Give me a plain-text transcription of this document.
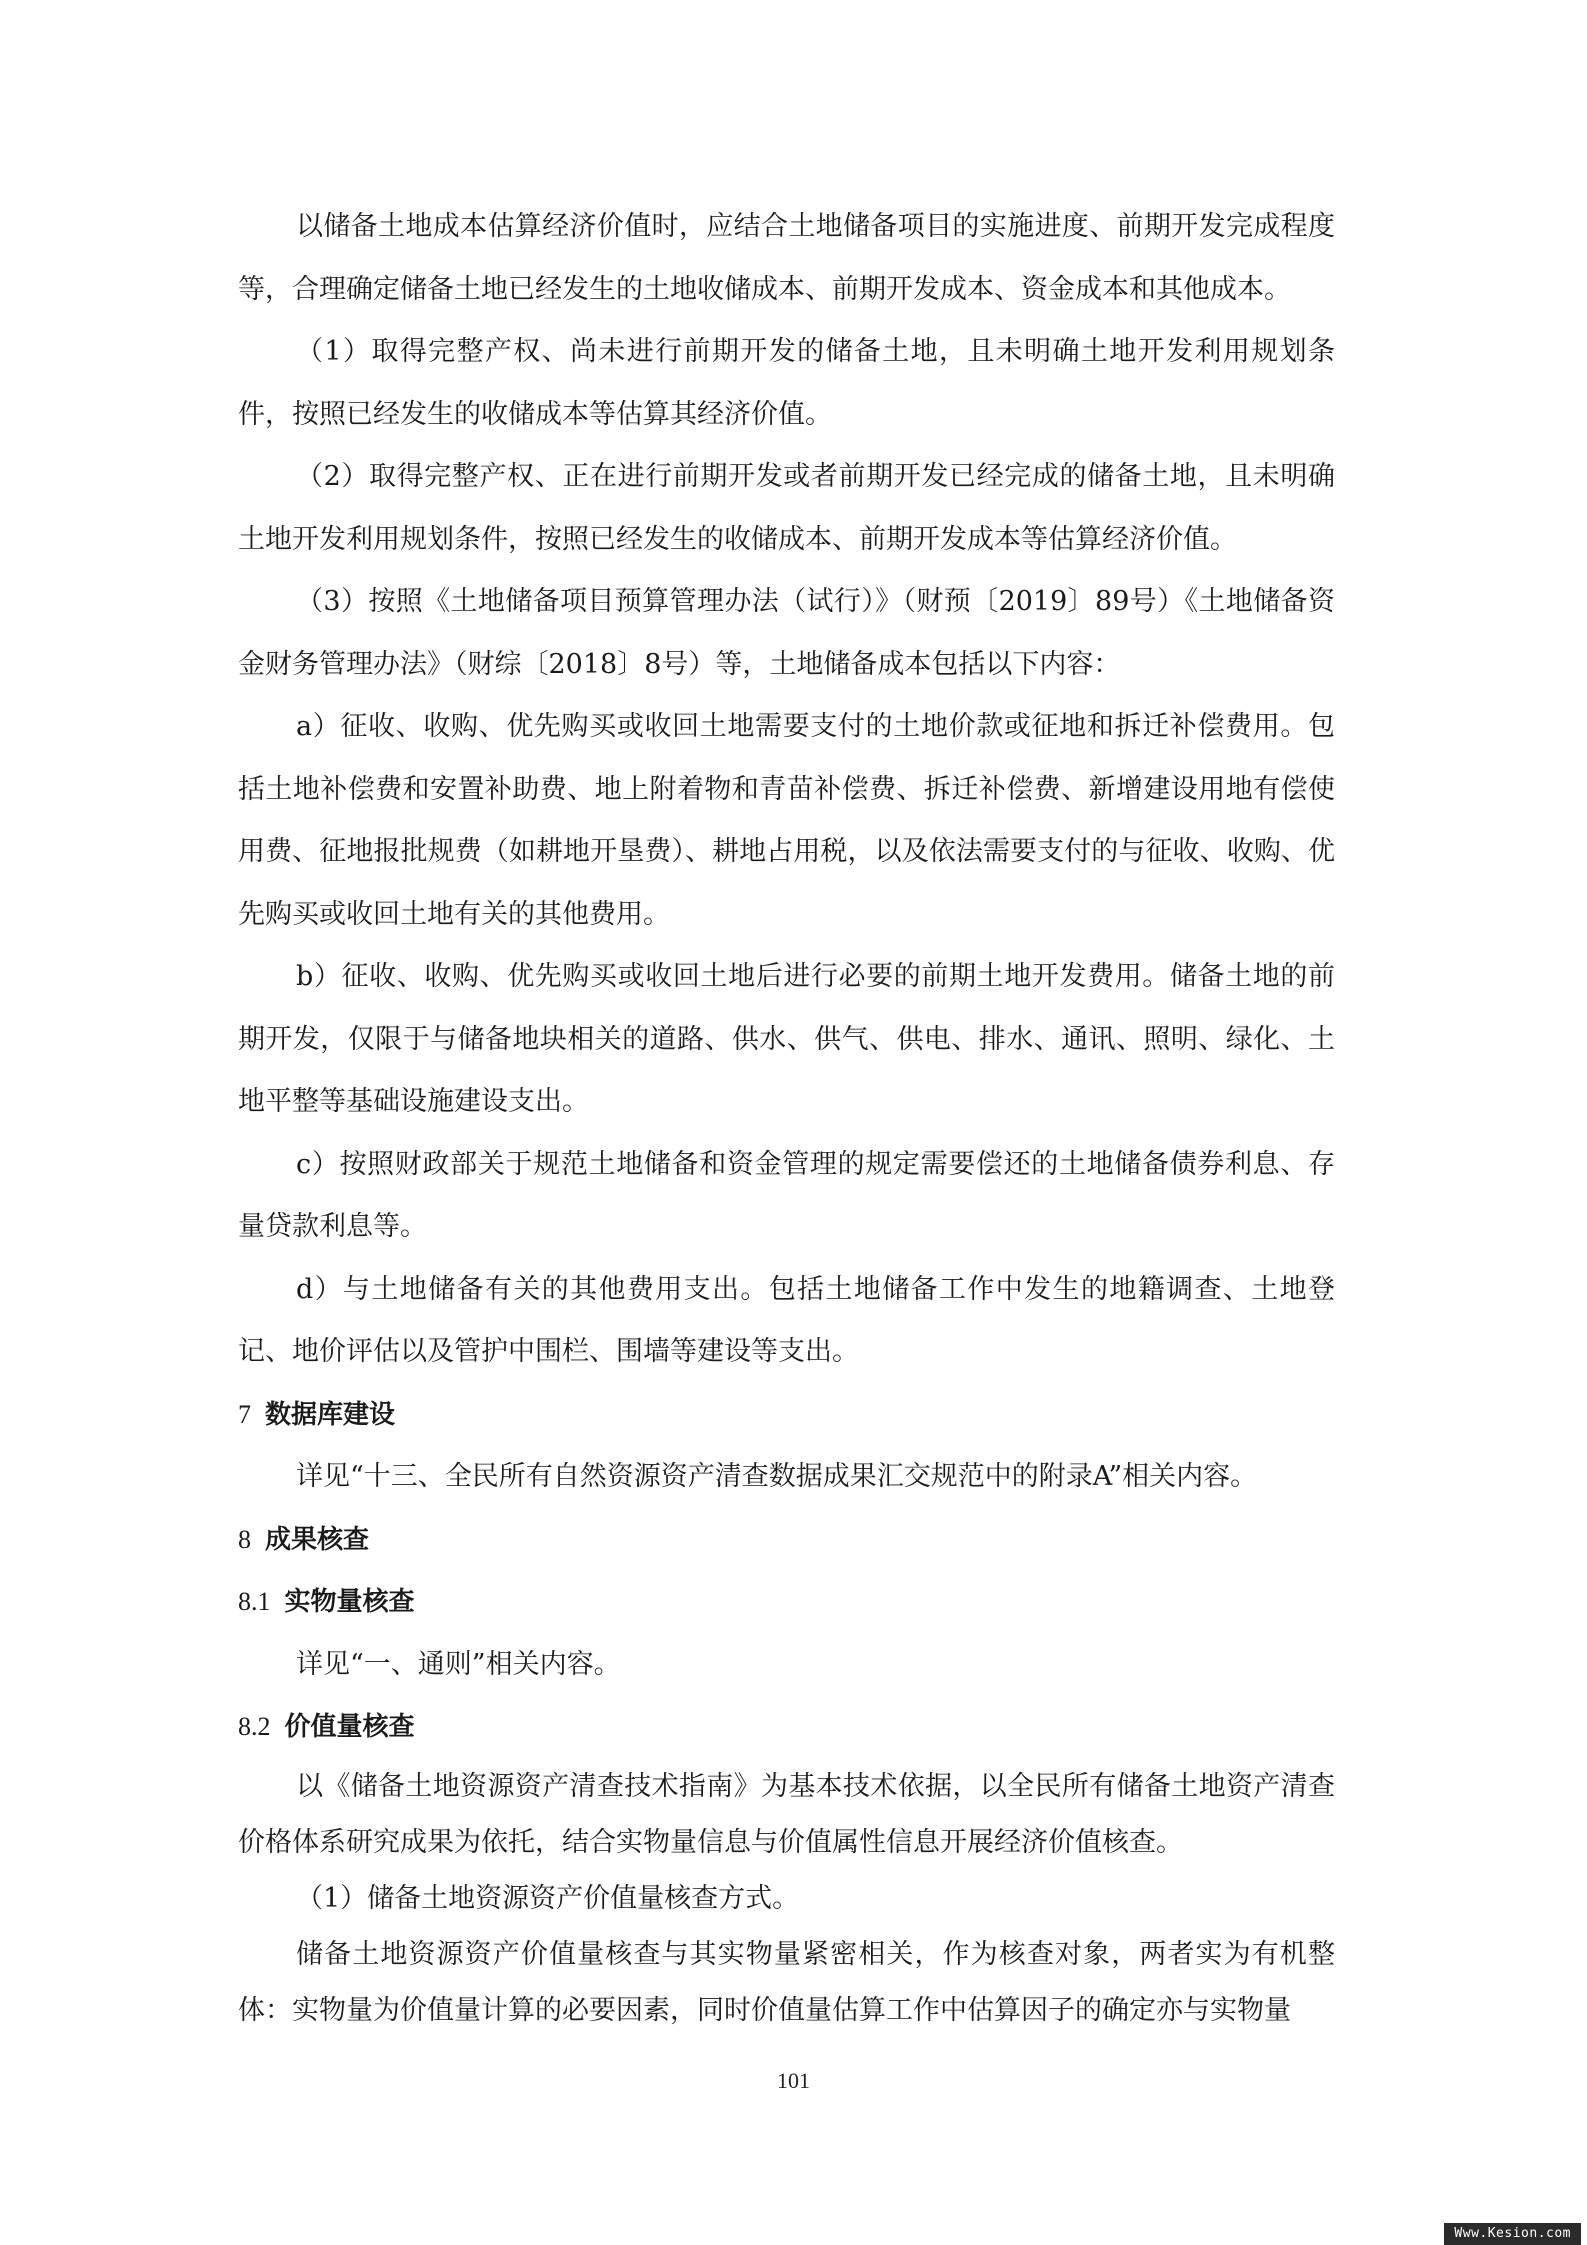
以储备土地成本估算经济价值时，应结合土地储备项目的实施进度、前期开发完成程度等，合理确定储备土地已经发生的土地收储成本、前期开发成本、资金成本和其他成本。

（1）取得完整产权、尚未进行前期开发的储备土地，且未明确土地开发利用规划条件，按照已经发生的收储成本等估算其经济价值。

（2）取得完整产权、正在进行前期开发或者前期开发已经完成的储备土地，且未明确土地开发利用规划条件，按照已经发生的收储成本、前期开发成本等估算经济价值。

（3）按照《土地储备项目预算管理办法（试行）》（财预〔2019〕89号）《土地储备资金财务管理办法》（财综〔2018〕8号）等，土地储备成本包括以下内容：

a）征收、收购、优先购买或收回土地需要支付的土地价款或征地和拆迁补偿费用。包括土地补偿费和安置补助费、地上附着物和青苗补偿费、拆迁补偿费、新增建设用地有偿使用费、征地报批规费（如耕地开垦费）、耕地占用税，以及依法需要支付的与征收、收购、优先购买或收回土地有关的其他费用。

b）征收、收购、优先购买或收回土地后进行必要的前期土地开发费用。储备土地的前期开发，仅限于与储备地块相关的道路、供水、供气、供电、排水、通讯、照明、绿化、土地平整等基础设施建设支出。

c）按照财政部关于规范土地储备和资金管理的规定需要偿还的土地储备债券利息、存量贷款利息等。

d）与土地储备有关的其他费用支出。包括土地储备工作中发生的地籍调查、土地登记、地价评估以及管护中围栏、围墙等建设等支出。

7 数据库建设

详见“十三、全民所有自然资源资产清查数据成果汇交规范中的附录A”相关内容。

8 成果核查
8.1 实物量核查

详见“一、通则”相关内容。

8.2 价值量核查

以《储备土地资源资产清查技术指南》为基本技术依据，以全民所有储备土地资产清查价格体系研究成果为依托，结合实物量信息与价值属性信息开展经济价值核查。

（1）储备土地资源资产价值量核查方式。

储备土地资源资产价值量核查与其实物量紧密相关，作为核查对象，两者实为有机整体：实物量为价值量计算的必要因素，同时价值量估算工作中估算因子的确定亦与实物量

101
Www.Kesion.com
